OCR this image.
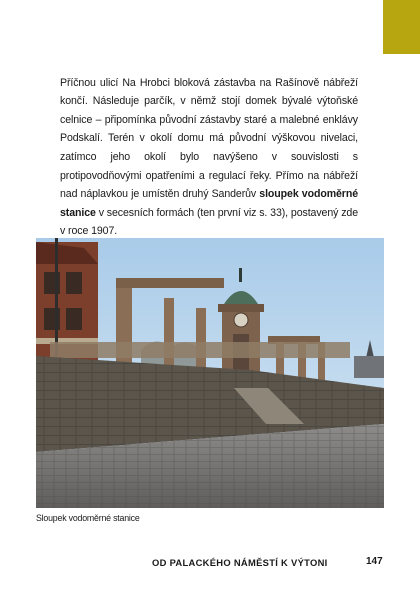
Příčnou ulicí Na Hrobci bloková zástavba na Rašínově nábřeží končí. Následuje parčík, v němž stojí domek bývalé výtoňské celnice – připomínka původní zástavby staré a malebné enklávy Podskalí. Terén v okolí domu má původní výškovou nivelaci, zatímco jeho okolí bylo navýšeno v souvislosti s protipovodňovými opatřeními a regulací řeky. Přímo na nábřeží nad náplavkou je umístěn druhý Sanderův sloupek vodoměrné stanice v secesních formách (ten první viz s. 33), postavený zde v roce 1907.

Sloupek vodoměrné stanice
OD PALACKÉHO NÁMĚSTÍ K VÝTONI	147
